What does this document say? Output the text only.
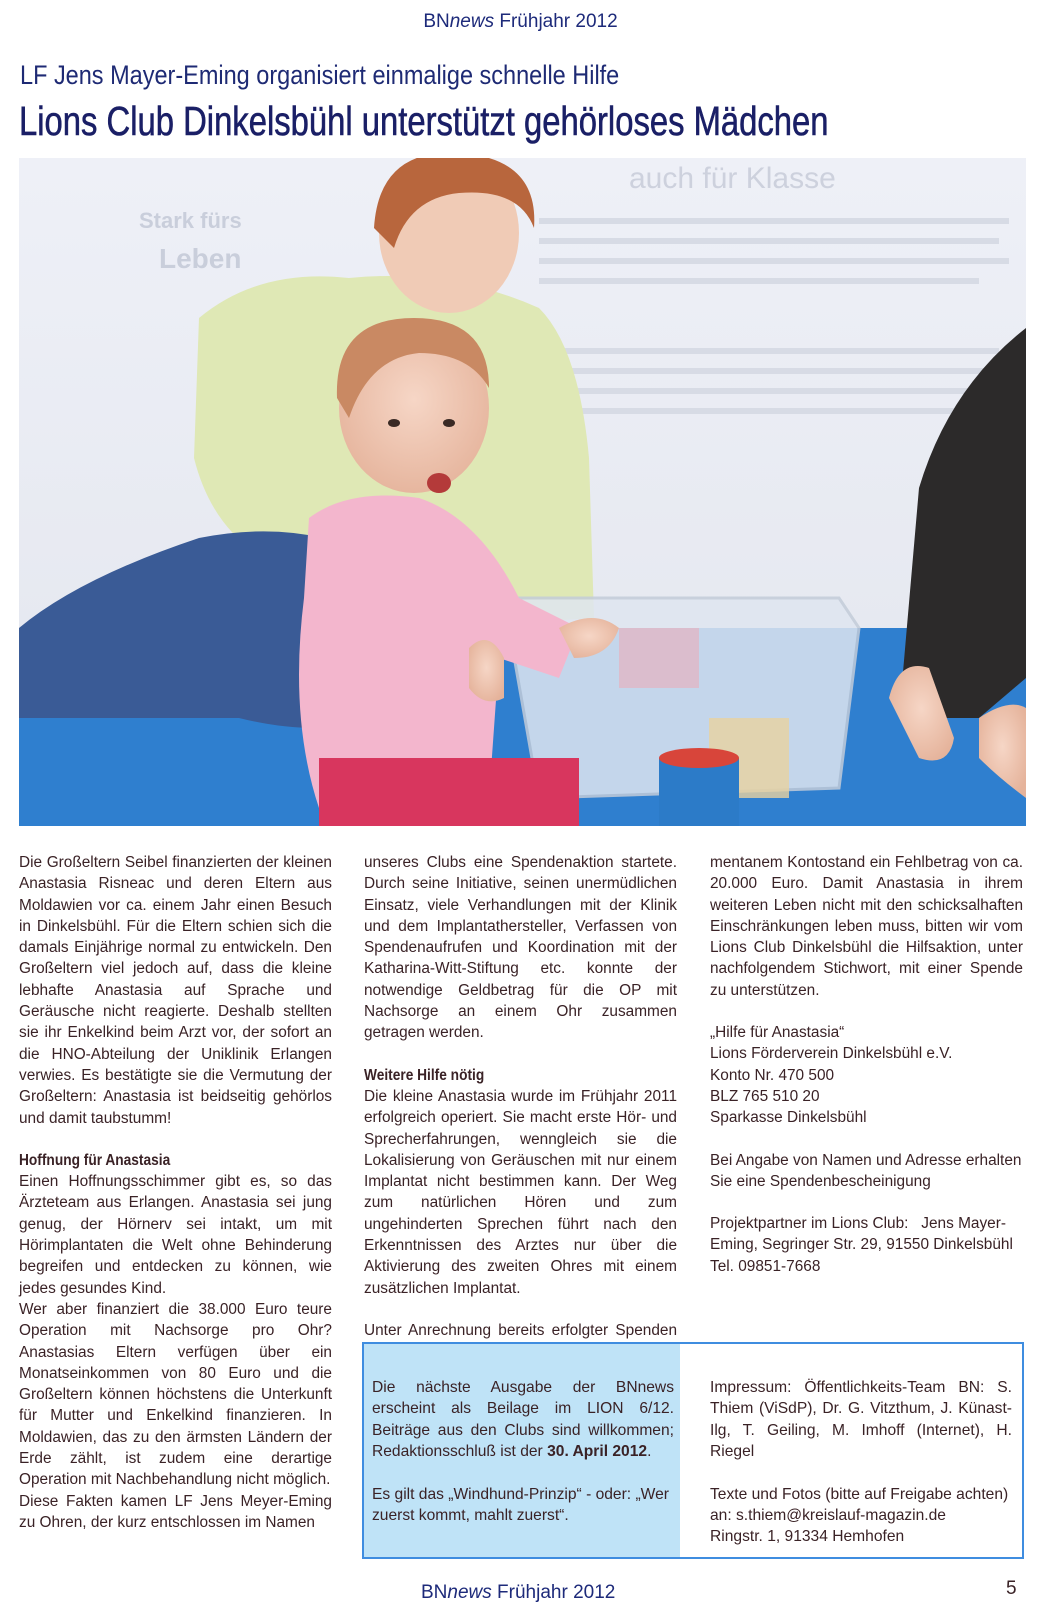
BNnews Frühjahr 2012
LF Jens Mayer-Eming organisiert einmalige schnelle Hilfe
Lions Club Dinkelsbühl unterstützt gehörloses Mädchen
Stark fürs
Leben
auch für Klasse

Die Großeltern Seibel finanzierten der kleinen Anastasia Risneac und deren Eltern aus Moldawien vor ca. einem Jahr einen Besuch in Dinkelsbühl. Für die Eltern schien sich die damals Einjährige normal zu entwickeln. Den Großeltern viel jedoch auf, dass die kleine lebhafte Anastasia auf Sprache und Geräusche nicht reagierte. Deshalb stellten sie ihr Enkelkind beim Arzt vor, der sofort an die HNO-Abteilung der Uniklinik Erlangen verwies. Es bestätigte sie die Vermutung der Großeltern: Anastasia ist beidseitig gehörlos und damit taubstumm!

Hoffnung für Anastasia

Einen Hoffnungsschimmer gibt es, so das Ärzteteam aus Erlangen. Anastasia sei jung genug, der Hörnerv sei intakt, um mit Hörimplantaten die Welt ohne Behinderung begreifen und entdecken zu können, wie jedes gesundes Kind.

Wer aber finanziert die 38.000 Euro teure Operation mit Nachsorge pro Ohr? Anastasias Eltern verfügen über ein Monatseinkommen von 80 Euro und die Großeltern können höchstens die Unterkunft für Mutter und Enkelkind finanzieren. In Moldawien, das zu den ärmsten Ländern der Erde zählt, ist zudem eine derartige Operation mit Nachbehandlung nicht möglich.

Diese Fakten kamen LF Jens Meyer-Eming zu Ohren, der kurz entschlossen im Namen

unseres Clubs eine Spendenaktion startete. Durch seine Initiative, seinen unermüdlichen Einsatz, viele Verhandlungen mit der Klinik und dem Implantathersteller, Verfassen von Spendenaufrufen und Koordination mit der Katharina-Witt-Stiftung etc. konnte der notwendige Geldbetrag für die OP mit Nachsorge an einem Ohr zusammen getragen werden.

Weitere Hilfe nötig

Die kleine Anastasia wurde im Frühjahr 2011 erfolgreich operiert. Sie macht erste Hör- und Sprecherfahrungen, wenngleich sie die Lokalisierung von Geräuschen mit nur einem Implantat nicht bestimmen kann. Der Weg zum natürlichen Hören und zum ungehinderten Sprechen führt nach den Erkenntnissen des Arztes nur über die Aktivierung des zweiten Ohres mit einem zusätzlichen Implantat.

Unter Anrechnung bereits erfolgter Spenden

mentanem Kontostand ein Fehlbetrag von ca. 20.000 Euro. Damit Anastasia in ihrem weiteren Leben nicht mit den schicksalhaften Einschränkungen leben muss, bitten wir vom Lions Club Dinkelsbühl die Hilfsaktion, unter nachfolgendem Stichwort, mit einer Spende zu unterstützen.

„Hilfe für Anastasia“

Lions Förderverein Dinkelsbühl e.V.

Konto Nr. 470 500

BLZ 765 510 20

Sparkasse Dinkelsbühl

Bei Angabe von Namen und Adresse erhalten Sie eine Spendenbescheinigung

Projektpartner im Lions Club: Jens Mayer-Eming, Segringer Str. 29, 91550 Dinkelsbühl

Tel. 09851-7668

Die nächste Ausgabe der BNnews erscheint als Beilage im LION 6/12. Beiträge aus den Clubs sind willkommen; Redaktionsschluß ist der 30. April 2012.

Es gilt das „Windhund-Prinzip“ - oder: „Wer zuerst kommt, mahlt zuerst“.

Impressum: Öffentlichkeits-Team BN: S. Thiem (ViSdP), Dr. G. Vitzthum, J. Künast-Ilg, T. Geiling, M. Imhoff (Internet), H. Riegel

Texte und Fotos (bitte auf Freigabe achten) an: s.thiem@kreislauf-magazin.de

Ringstr. 1, 91334 Hemhofen

BNnews Frühjahr 2012	5
